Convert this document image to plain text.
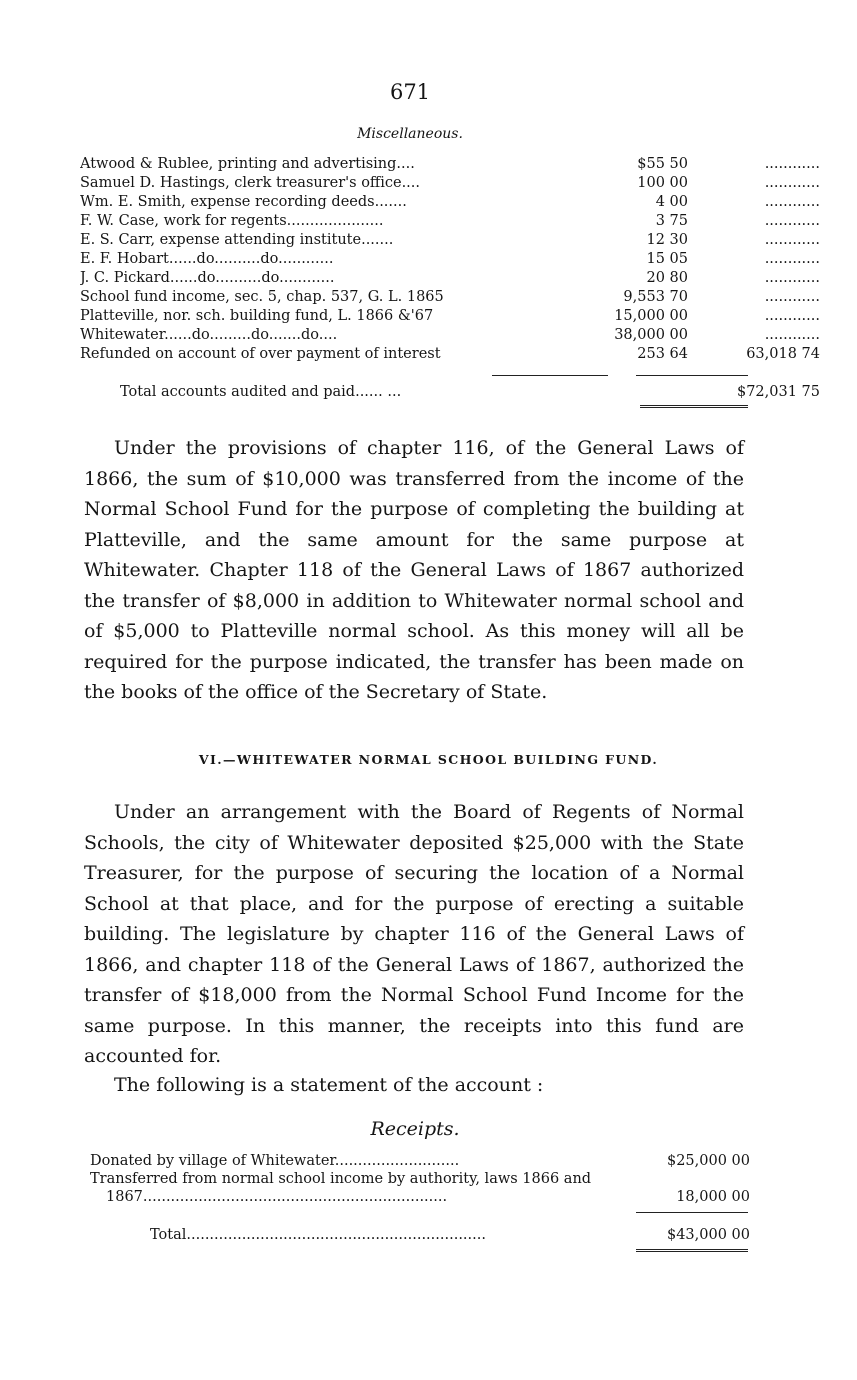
671
Miscellaneous.
Atwood & Rublee, printing and advertising....	$55 50	............
Samuel D. Hastings, clerk treasurer's office....	100 00	............
Wm. E. Smith, expense recording deeds.......	4 00	............
F. W. Case, work for regents.....................	3 75	............
E. S. Carr, expense attending institute.......	12 30	............
E. F. Hobart......do..........do............	15 05	............
J. C. Pickard......do..........do............	20 80	............
School fund income, sec. 5, chap. 537, G. L. 1865	9,553 70	............
Platteville, nor. sch. building fund, L. 1866 &'67	15,000 00	............
Whitewater......do.........do.......do....	38,000 00	............
Refunded on account of over payment of interest	253 64	63,018 74
Total accounts audited and paid...... ...	$72,031 75
Under the provisions of chapter 116, of the General Laws of 1866, the sum of $10,000 was transferred from the income of the Normal School Fund for the purpose of completing the building at Platteville, and the same amount for the same purpose at Whitewater. Chapter 118 of the General Laws of 1867 authorized the transfer of $8,000 in addition to Whitewater normal school and of $5,000 to Platteville normal school. As this money will all be required for the purpose indicated, the transfer has been made on the books of the office of the Secretary of State.
VI.—WHITEWATER NORMAL SCHOOL BUILDING FUND.
Under an arrangement with the Board of Regents of Normal Schools, the city of Whitewater deposited $25,000 with the State Treasurer, for the purpose of securing the location of a Normal School at that place, and for the purpose of erecting a suitable building. The legislature by chapter 116 of the General Laws of 1866, and chapter 118 of the General Laws of 1867, authorized the transfer of $18,000 from the Normal School Fund Income for the same purpose. In this manner, the receipts into this fund are accounted for.
The following is a statement of the account :
Receipts.
Donated by village of Whitewater...........................	$25,000 00
Transferred from normal school income by authority, laws 1866 and
1867..................................................................	18,000 00
Total.................................................................	$43,000 00
